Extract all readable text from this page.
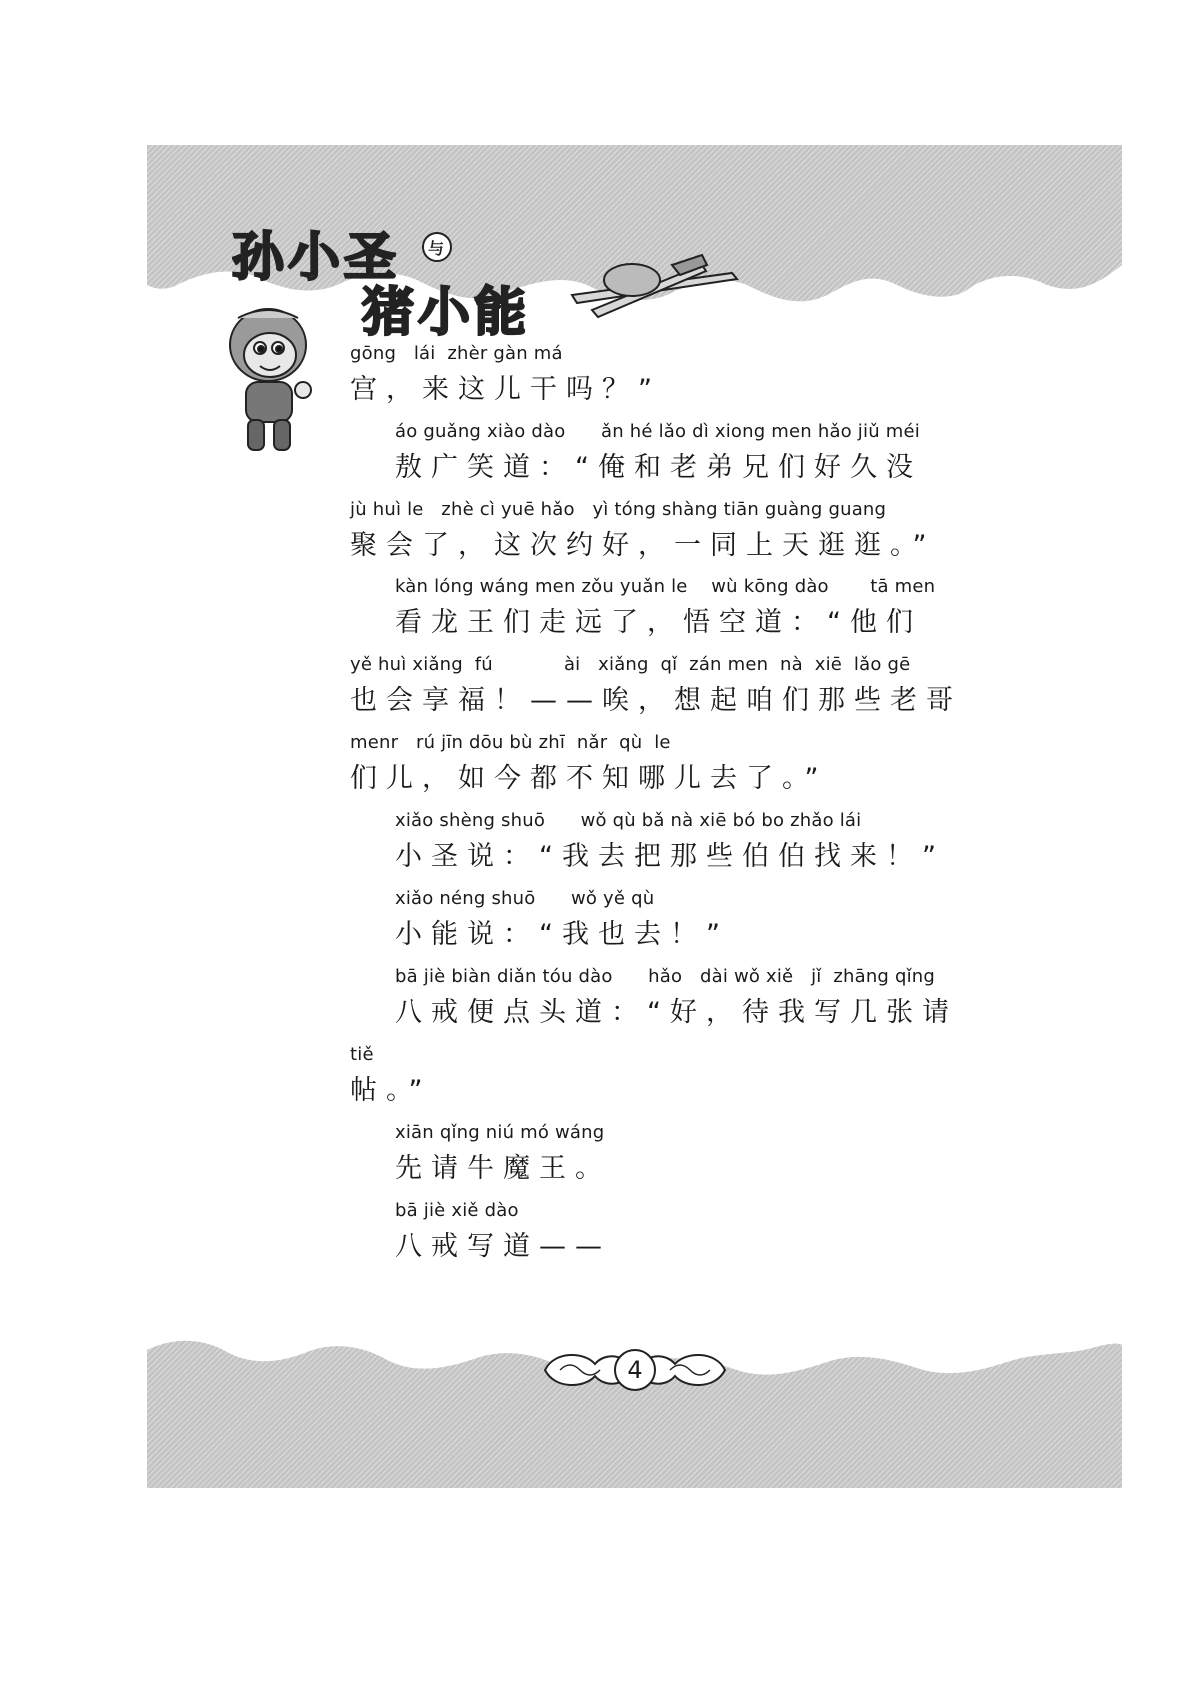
孙小圣 与
猪小能
gōng   lái  zhèr gàn má
宫，来这儿干吗？”
áo guǎng xiào dào      ǎn hé lǎo dì xiong men hǎo jiǔ méi
敖广笑道：“俺和老弟兄们好久没
jù huì le   zhè cì yuē hǎo   yì tóng shàng tiān guàng guang
聚会了，这次约好，一同上天逛逛。”
kàn lóng wáng men zǒu yuǎn le    wù kōng dào       tā men
看龙王们走远了，悟空道：“他们
yě huì xiǎng  fú            ài   xiǎng  qǐ  zán men  nà  xiē  lǎo gē
也会享福！——唉，想起咱们那些老哥
menr   rú jīn dōu bù zhī  nǎr  qù  le
们儿，如今都不知哪儿去了。”
xiǎo shèng shuō      wǒ qù bǎ nà xiē bó bo zhǎo lái
小圣说：“我去把那些伯伯找来！”
xiǎo néng shuō      wǒ yě qù
小能说：“我也去！”
bā jiè biàn diǎn tóu dào      hǎo   dài wǒ xiě   jǐ  zhāng qǐng
八戒便点头道：“好，待我写几张请
tiě
帖。”
xiān qǐng niú mó wáng
先请牛魔王。
bā jiè xiě dào
八戒写道——
4
